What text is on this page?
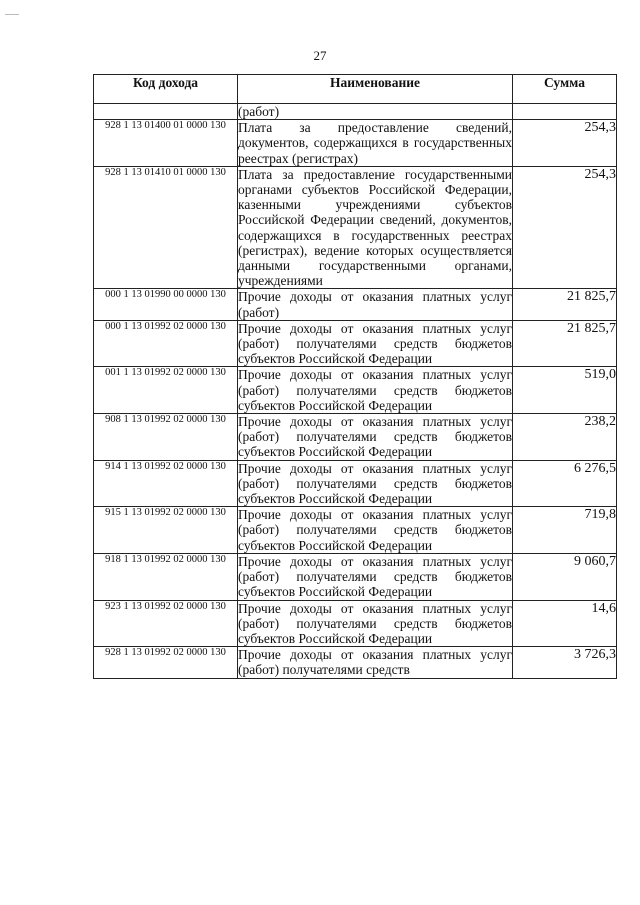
27
Код дохода	Наименование	Сумма
	(работ)	
928 1 13 01400 01 0000 130	Плата за предоставление сведений, документов, содержащихся в государственных реестрах (регистрах)	254,3
928 1 13 01410 01 0000 130	Плата за предоставление государственными органами субъектов Российской Федерации, казенными учреждениями субъектов Российской Федерации сведений, документов, содержащихся в государственных реестрах (регистрах), ведение которых осуществляется данными государственными органами, учреждениями	254,3
000 1 13 01990 00 0000 130	Прочие доходы от оказания платных услуг (работ)	21 825,7
000 1 13 01992 02 0000 130	Прочие доходы от оказания платных услуг (работ) получателями средств бюджетов субъектов Российской Федерации	21 825,7
001 1 13 01992 02 0000 130	Прочие доходы от оказания платных услуг (работ) получателями средств бюджетов субъектов Российской Федерации	519,0
908 1 13 01992 02 0000 130	Прочие доходы от оказания платных услуг (работ) получателями средств бюджетов субъектов Российской Федерации	238,2
914 1 13 01992 02 0000 130	Прочие доходы от оказания платных услуг (работ) получателями средств бюджетов субъектов Российской Федерации	6 276,5
915 1 13 01992 02 0000 130	Прочие доходы от оказания платных услуг (работ) получателями средств бюджетов субъектов Российской Федерации	719,8
918 1 13 01992 02 0000 130	Прочие доходы от оказания платных услуг (работ) получателями средств бюджетов субъектов Российской Федерации	9 060,7
923 1 13 01992 02 0000 130	Прочие доходы от оказания платных услуг (работ) получателями средств бюджетов субъектов Российской Федерации	14,6
928 1 13 01992 02 0000 130	Прочие доходы от оказания платных услуг (работ) получателями средств	3 726,3
